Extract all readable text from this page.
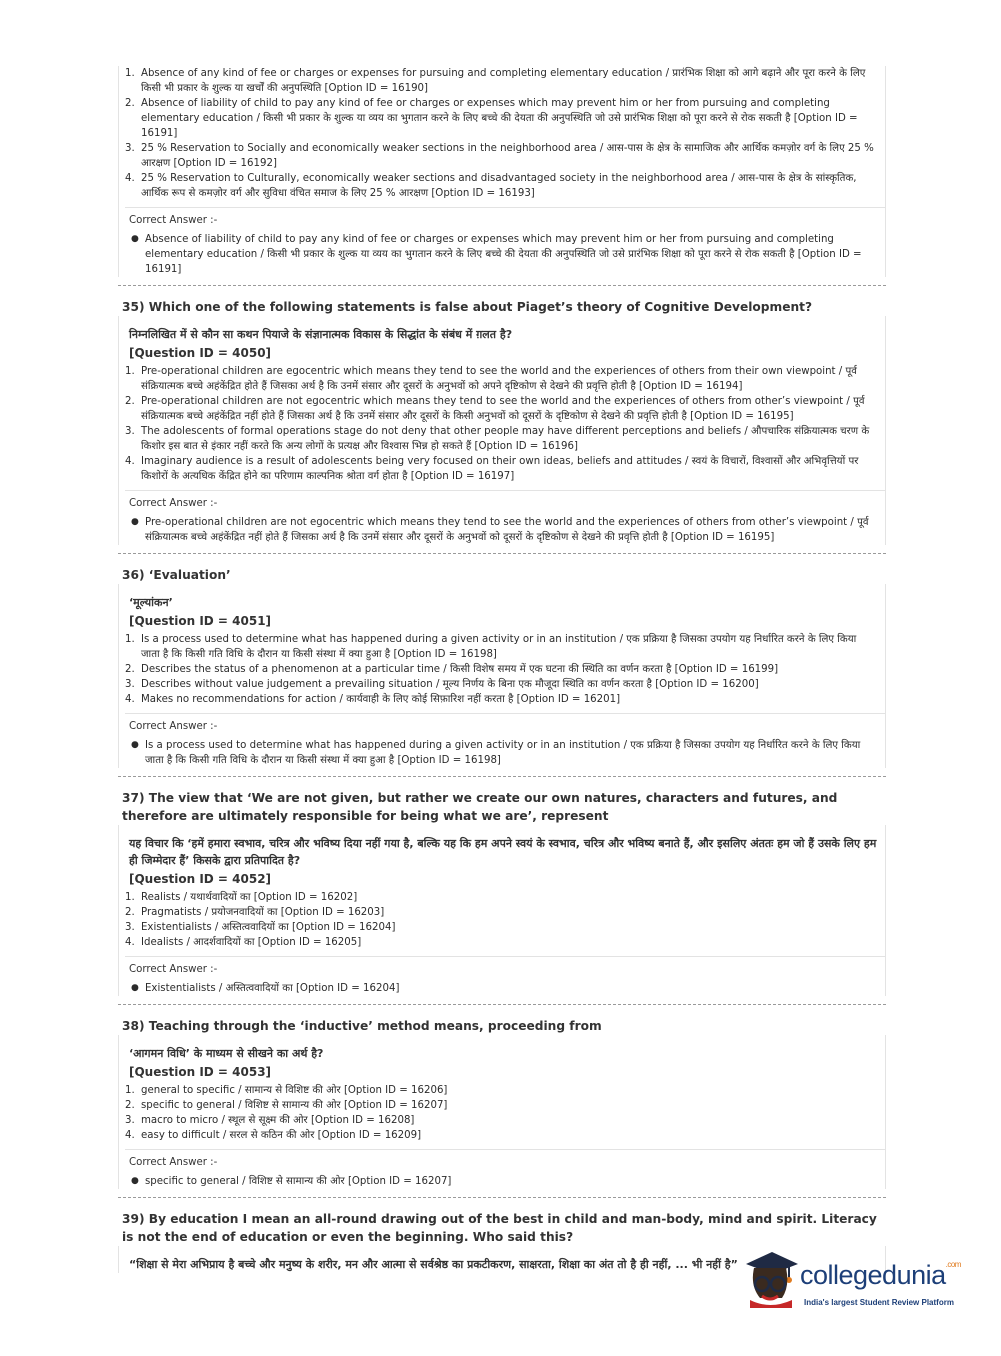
1. Absence of any kind of fee or charges or expenses for pursuing and completing elementary education / प्रारंभिक शिक्षा को आगे बढ़ाने और पूरा करने के लिए किसी भी प्रकार के शुल्क या खर्चों की अनुपस्थिति [Option ID = 16190]
2. Absence of liability of child to pay any kind of fee or charges or expenses which may prevent him or her from pursuing and completing elementary education / किसी भी प्रकार के शुल्क या व्यय का भुगतान करने के लिए बच्चे की देयता की अनुपस्थिति जो उसे प्रारंभिक शिक्षा को पूरा करने से रोक सकती है [Option ID = 16191]
3. 25 % Reservation to Socially and economically weaker sections in the neighborhood area / आस-पास के क्षेत्र के सामाजिक और आर्थिक कमज़ोर वर्ग के लिए 25 % आरक्षण [Option ID = 16192]
4. 25 % Reservation to Culturally, economically weaker sections and disadvantaged society in the neighborhood area / आस-पास के क्षेत्र के सांस्कृतिक, आर्थिक रूप से कमज़ोर वर्ग और सुविधा वंचित समाज के लिए 25 % आरक्षण [Option ID = 16193]
Correct Answer :-
● Absence of liability of child to pay any kind of fee or charges or expenses which may prevent him or her from pursuing and completing elementary education / किसी भी प्रकार के शुल्क या व्यय का भुगतान करने के लिए बच्चे की देयता की अनुपस्थिति जो उसे प्रारंभिक शिक्षा को पूरा करने से रोक सकती है [Option ID = 16191]
35) Which one of the following statements is false about Piaget’s theory of Cognitive Development?
निम्नलिखित में से कौन सा कथन पियाजे के संज्ञानात्मक विकास के सिद्धांत के संबंध में ग़लत है?
[Question ID = 4050]
1. Pre-operational children are egocentric which means they tend to see the world and the experiences of others from their own viewpoint / पूर्व संक्रियात्मक बच्चे अहंकेंद्रित होते हैं जिसका अर्थ है कि उनमें संसार और दूसरों के अनुभवों को अपने दृष्टिकोण से देखने की प्रवृत्ति होती है [Option ID = 16194]
2. Pre-operational children are not egocentric which means they tend to see the world and the experiences of others from other’s viewpoint / पूर्व संक्रियात्मक बच्चे अहंकेंद्रित नहीं होते हैं जिसका अर्थ है कि उनमें संसार और दूसरों के किसी अनुभवों को दूसरों के दृष्टिकोण से देखने की प्रवृत्ति होती है [Option ID = 16195]
3. The adolescents of formal operations stage do not deny that other people may have different perceptions and beliefs / औपचारिक संक्रियात्मक चरण के किशोर इस बात से इंकार नहीं करते कि अन्य लोगों के प्रत्यक्ष और विश्वास भिन्न हो सकते हैं [Option ID = 16196]
4. Imaginary audience is a result of adolescents being very focused on their own ideas, beliefs and attitudes / स्वयं के विचारों, विश्वासों और अभिवृत्तियों पर किशोरों के अत्यधिक केंद्रित होने का परिणाम काल्पनिक श्रोता वर्ग होता है [Option ID = 16197]
Correct Answer :-
● Pre-operational children are not egocentric which means they tend to see the world and the experiences of others from other’s viewpoint / पूर्व संक्रियात्मक बच्चे अहंकेंद्रित नहीं होते हैं जिसका अर्थ है कि उनमें संसार और दूसरों के अनुभवों को दूसरों के दृष्टिकोण से देखने की प्रवृत्ति होती है [Option ID = 16195]
36) ‘Evaluation’
‘मूल्यांकन’
[Question ID = 4051]
1. Is a process used to determine what has happened during a given activity or in an institution / एक प्रक्रिया है जिसका उपयोग यह निर्धारित करने के लिए किया जाता है कि किसी गति विधि के दौरान या किसी संस्था में क्या हुआ है [Option ID = 16198]
2. Describes the status of a phenomenon at a particular time / किसी विशेष समय में एक घटना की स्थिति का वर्णन करता है [Option ID = 16199]
3. Describes without value judgement a prevailing situation / मूल्य निर्णय के बिना एक मौजूदा स्थिति का वर्णन करता है [Option ID = 16200]
4. Makes no recommendations for action / कार्यवाही के लिए कोई सिफ़ारिश नहीं करता है [Option ID = 16201]
Correct Answer :-
● Is a process used to determine what has happened during a given activity or in an institution / एक प्रक्रिया है जिसका उपयोग यह निर्धारित करने के लिए किया जाता है कि किसी गति विधि के दौरान या किसी संस्था में क्या हुआ है [Option ID = 16198]
37) The view that ‘We are not given, but rather we create our own natures, characters and futures, and therefore are ultimately responsible for being what we are’, represent
यह विचार कि ‘हमें हमारा स्वभाव, चरित्र और भविष्य दिया नहीं गया है, बल्कि यह कि हम अपने स्वयं के स्वभाव, चरित्र और भविष्य बनाते हैं, और इसलिए अंततः हम जो हैं उसके लिए हम ही जिम्मेदार हैं’ किसके द्वारा प्रतिपादित है?
[Question ID = 4052]
1. Realists / यथार्थवादियों का [Option ID = 16202]
2. Pragmatists / प्रयोजनवादियों का [Option ID = 16203]
3. Existentialists / अस्तित्ववादियों का [Option ID = 16204]
4. Idealists / आदर्शवादियों का [Option ID = 16205]
Correct Answer :-
● Existentialists / अस्तित्ववादियों का [Option ID = 16204]
38) Teaching through the ‘inductive’ method means, proceeding from
‘आगमन विधि’ के माध्यम से सीखने का अर्थ है?
[Question ID = 4053]
1. general to specific / सामान्य से विशिष्ट की ओर [Option ID = 16206]
2. specific to general / विशिष्ट से सामान्य की ओर [Option ID = 16207]
3. macro to micro / स्थूल से सूक्ष्म की ओर [Option ID = 16208]
4. easy to difficult / सरल से कठिन की ओर [Option ID = 16209]
Correct Answer :-
● specific to general / विशिष्ट से सामान्य की ओर [Option ID = 16207]
39) By education I mean an all-round drawing out of the best in child and man-body, mind and spirit. Literacy is not the end of education or even the beginning. Who said this?
“शिक्षा से मेरा अभिप्राय है बच्चे और मनुष्य के शरीर, मन और आत्मा से सर्वश्रेष्ठ का प्रकटीकरण, साक्षरता, शिक्षा का अंत तो है ही नहीं, ... भी नहीं है”	collegedunia$^{.com}$
India's largest Student Review Platform
